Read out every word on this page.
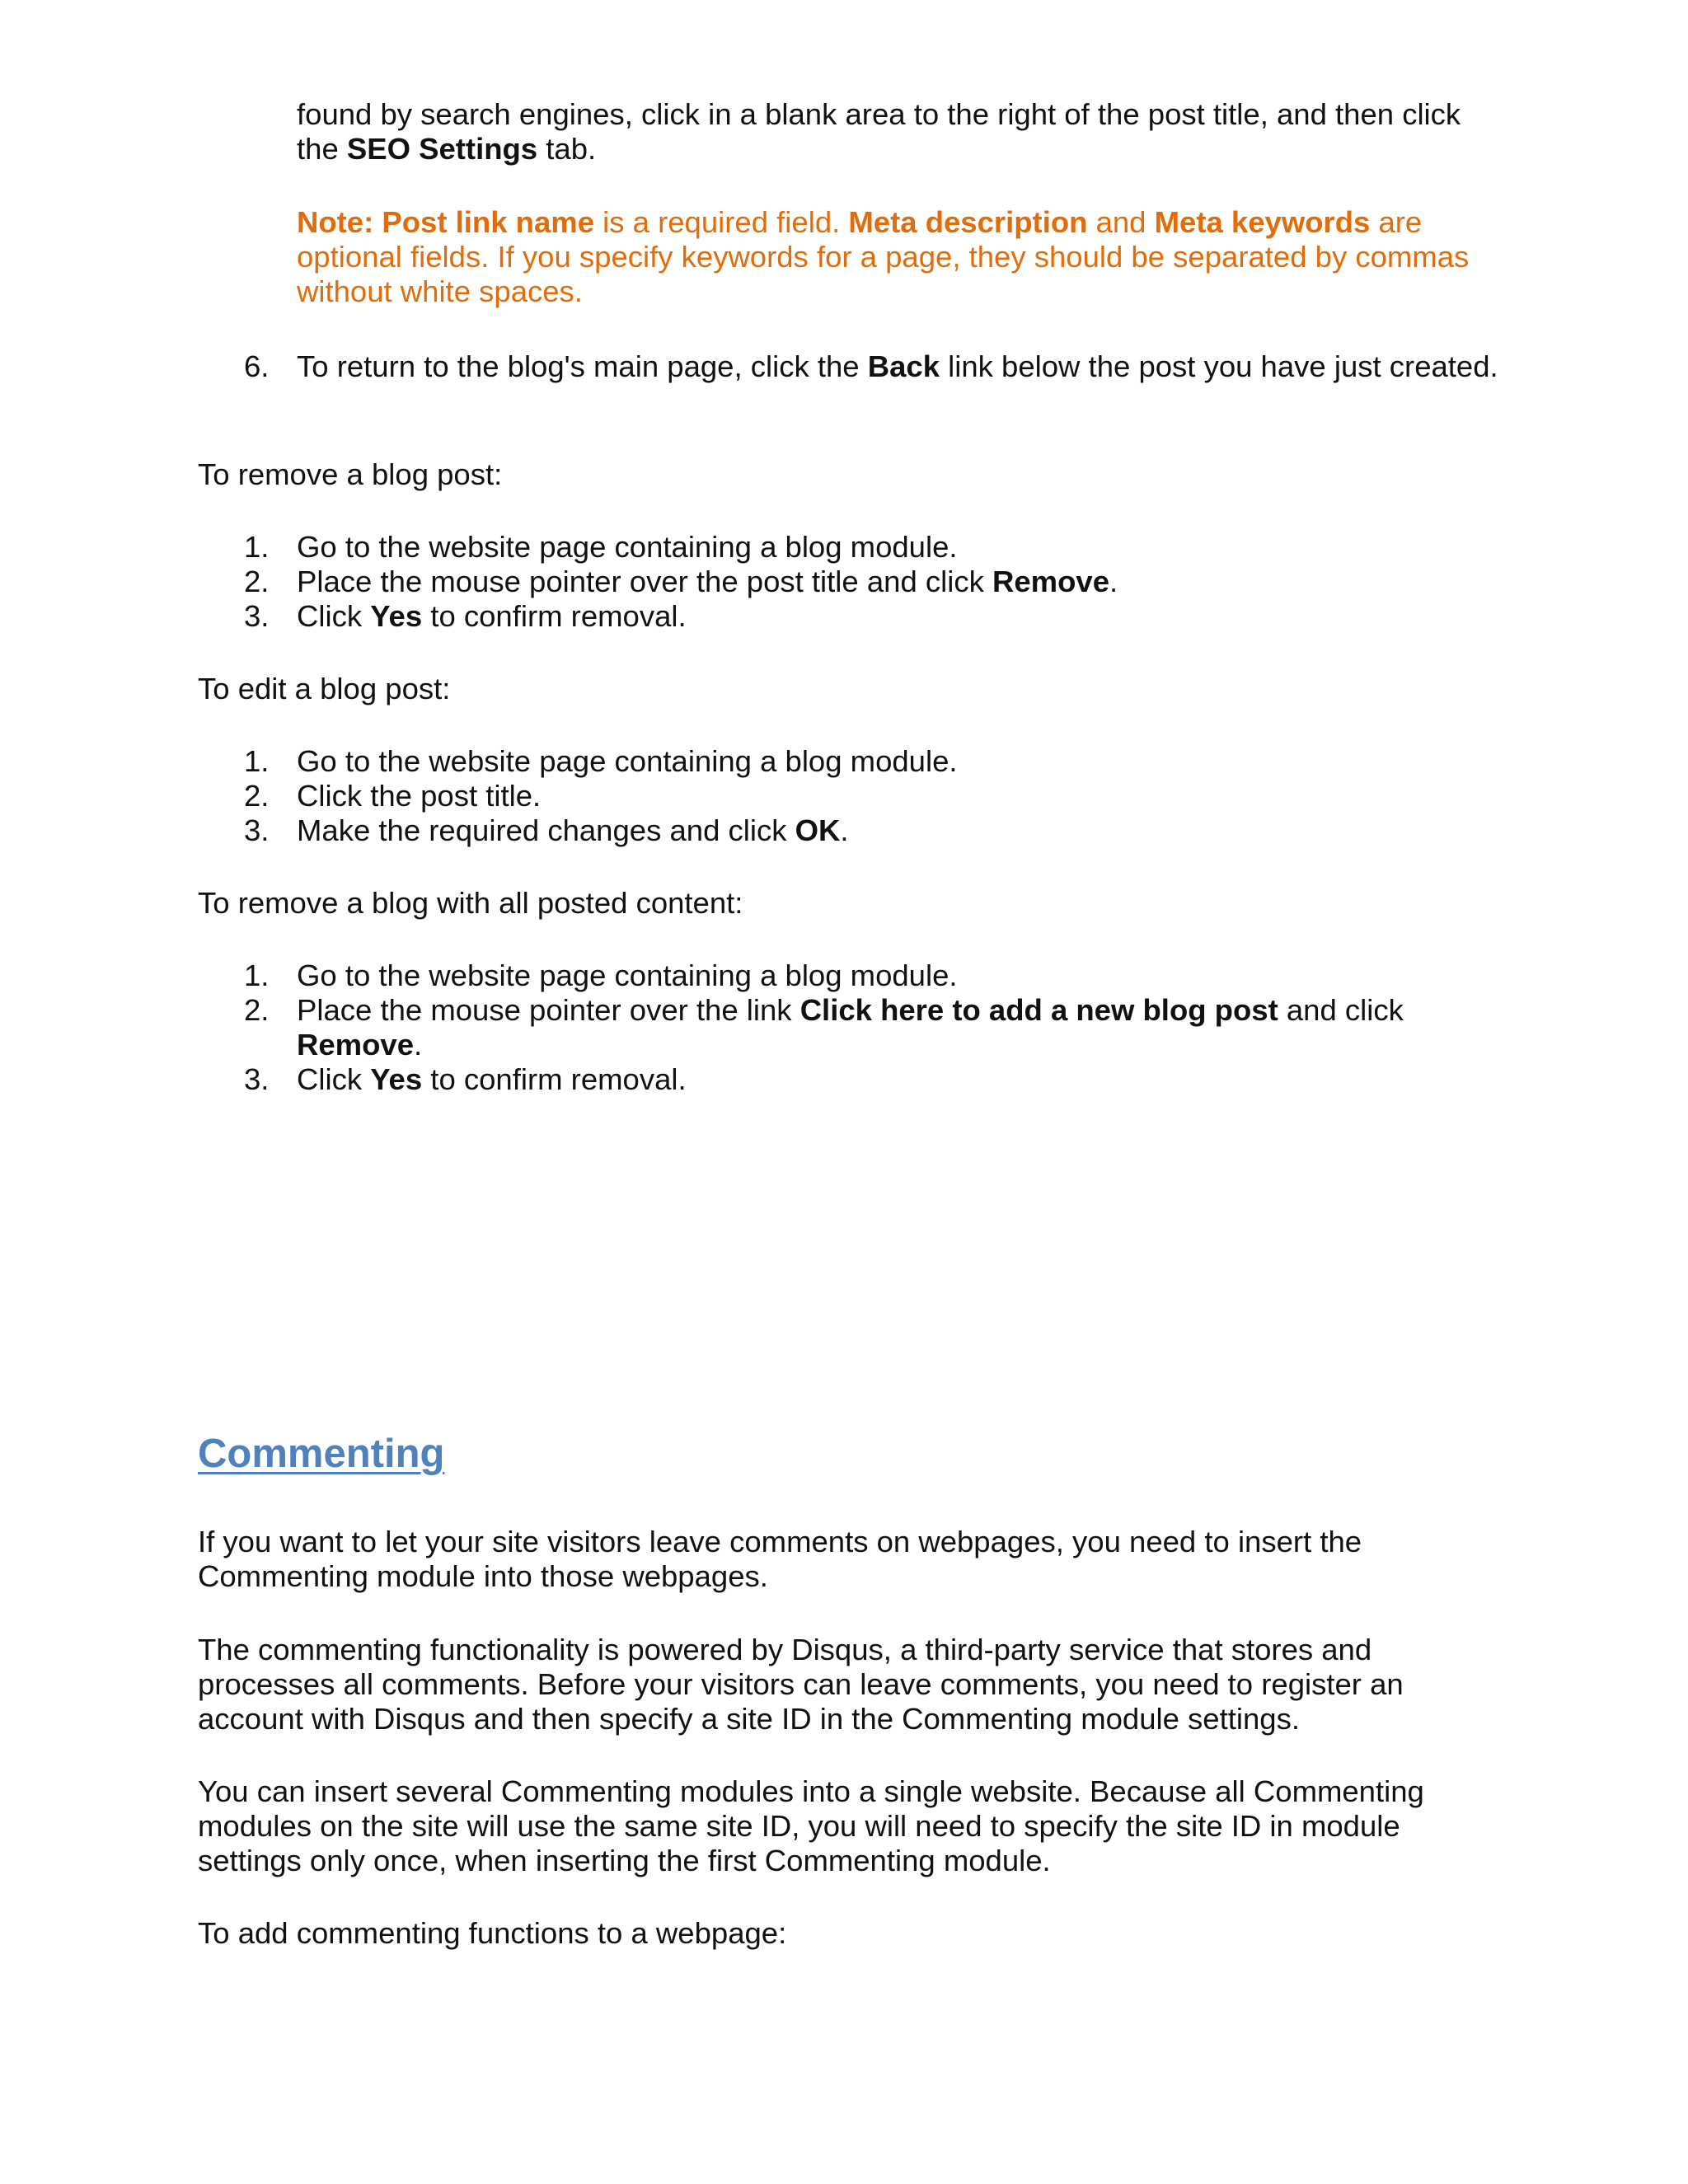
found by search engines, click in a blank area to the right of the post title, and then click
the SEO Settings tab.

Note: Post link name is a required field. Meta description and Meta keywords are optional fields. If you specify keywords for a page, they should be separated by commas without white spaces.

6. To return to the blog's main page, click the Back link below the post you have just created.

To remove a blog post:

1. Go to the website page containing a blog module.
2. Place the mouse pointer over the post title and click Remove.
3. Click Yes to confirm removal.

To edit a blog post:

1. Go to the website page containing a blog module.
2. Click the post title.
3. Make the required changes and click OK.

To remove a blog with all posted content:

1. Go to the website page containing a blog module.
2. Place the mouse pointer over the link Click here to add a new blog post and click
Remove.
3. Click Yes to confirm removal.
Commenting

If you want to let your site visitors leave comments on webpages, you need to insert the Commenting module into those webpages.

The commenting functionality is powered by Disqus, a third-party service that stores and processes all comments. Before your visitors can leave comments, you need to register an account with Disqus and then specify a site ID in the Commenting module settings.

You can insert several Commenting modules into a single website. Because all Commenting modules on the site will use the same site ID, you will need to specify the site ID in module settings only once, when inserting the first Commenting module.

To add commenting functions to a webpage:
